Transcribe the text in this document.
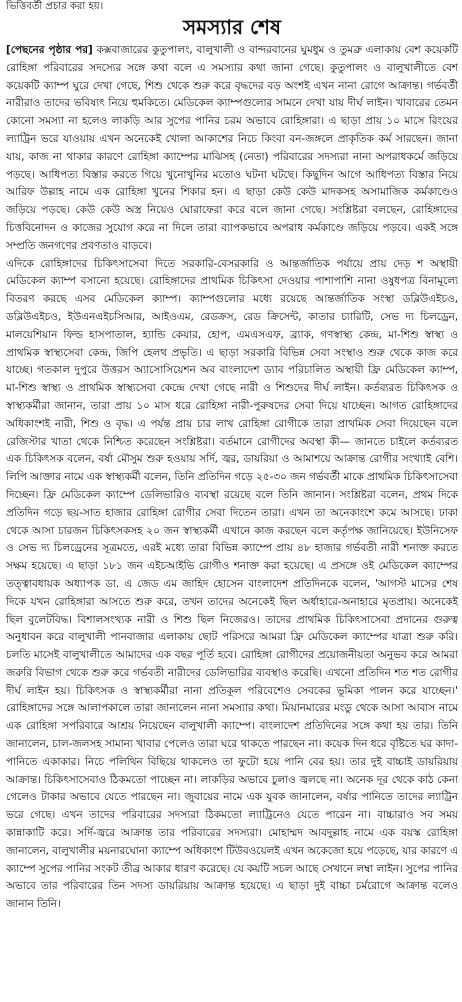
ভিত্তিবর্তী প্রচার করা হয়।
সমস্যার শেষ

[পেছনের পৃষ্ঠার পর] কক্সবাজারের কুতুপালং, বালুখালী ও বান্দরবানের ঘুমধুম ও তুমব্রু এলাকায় বেশ কয়েকটি রোহিঙ্গা পরিবারের সদস্যের সঙ্গে কথা বলে এ সমস্যার কথা জানা গেছে। কুতুপালং ও বালুখালীতে বেশ কয়েকটি ক্যাম্প ঘুরে দেখা গেছে, শিশু থেকে শুরু করে বৃদ্ধদের বড় অংশই এখন নানা রোগে আক্রান্ত। গর্ভবর্তী নারীরাও তাদের ভবিষ্যৎ নিয়ে হুমকিতে। মেডিকেল ক্যাম্পগুলোর সামনে দেখা যায় দীর্ঘ লাইন। খাবারের তেমন কোনো সমস্যা না হলেও লাকড়ি আর সুপের পানির চরম অভাবে রোহিঙ্গারা। এ ছাড়া প্রায় ১০ মাসে রিংয়ের ল্যাট্রিন ভরে যাওয়ায় এখন অনেকেই খোলা আকাশের নিচে কিংবা বন-জঙ্গলে প্রাকৃতিক কর্ম সারছেন। জানা যায়, কাজ না থাকার কারণে রোহিঙ্গা ক্যাম্পের মাঝিসহ (নেতা) পরিবারের সদস্যরা নানা অপরাধকর্মে জড়িয়ে পড়ছে। আধিপত্য বিস্তার করতে গিয়ে খুনোখুনির মতোও ঘটনা ঘটছে। কিছুদিন আগে আধিপত্য বিস্তার নিয়ে আরিফ উল্লাহ নামে এক রোহিঙ্গা খুনের শিকার হন। এ ছাড়া কেউ কেউ মাদকসহ অসামাজিক কর্মকাণ্ডেও জড়িয়ে পড়ছে। কেউ কেউ অস্ত্র নিয়েও ঘোরাফেরা করে বলে জানা গেছে। সংশ্লিষ্টরা বলছেন, রোহিঙ্গাদের চিত্তবিনোদন ও কাজের সুযোগ করে না দিলে তারা ব্যাপকভাবে অপরাধ কর্মকাণ্ডে জড়িয়ে পড়বে। একই সঙ্গে সম্প্রতি জনগণের প্রবণতাও বাড়বে।

এদিকে রোহিঙ্গাদের চিকিৎসাসেবা দিতে সরকারি-বেসরকারি ও আন্তর্জাতিক পর্যায়ে প্রায় দেড় শ অস্থায়ী মেডিকেল ক্যাম্প বসানো হয়েছে। রোহিঙ্গাদের প্রাথমিক চিকিৎসা দেওয়ার পাশাপাশি নানা ওষুধপত্র বিনামূল্যে বিতরণ করছে এসব মেডিকেল ক্যাম্প। ক্যাম্পগুলোর মধ্যে রয়েছে আন্তর্জাতিক সংস্থা ডব্লিউএইচও, ডব্লিউএইচও, ইউএনএইচসিআর, আইওএম, রেডক্রস, রেড ক্রিসেন্ট, কাতার চ্যারিটি, সেভ দ্য চিলড্রেন, মালয়েশিয়ান ফিল্ড হাসপাতাল, হ্যান্ডি কেয়ার, হোপ, এমএসএফ, ব্র্যাক, গণস্বাস্থ্য কেন্দ্র, মা-শিশু স্বাস্থ্য ও প্রাথমিক স্বাস্থ্যসেবা কেন্দ্র, জিপি হেলথ প্রভৃতি। এ ছাড়া সরকারি বিভিন্ন সেবা সংস্থাও শুরু থেকে কাজ করে যাচ্ছে। গতকাল দুপুরে উত্তরস অ্যাসোসিয়েশন অব বাংলাদেশ ড্যাব পরিচালিত অস্থায়ী ফ্রি মেডিকেল ক্যাম্প, মা-শিশু স্বাস্থ্য ও প্রাথমিক স্বাস্থ্যসেবা কেন্দ্রে দেখা গেছে নারী ও শিশুদের দীর্ঘ লাইন। কর্তব্যরত চিকিৎসক ও স্বাস্থ্যকর্মীরা জানান, তারা প্রায় ১০ মাস ধরে রোহিঙ্গা নারী-পুরুষদের সেবা দিয়ে যাচ্ছেন। আগত রোহিঙ্গাদের অধিকাংশই নারী, শিশু ও বৃদ্ধ। এ পর্যন্ত প্রায় চার লাখ রোহিঙ্গা রোগীকে তারা প্রাথমিক সেবা দিয়েছেন বলে রেজিস্টার খাতা থেকে নিশ্চিত করেছেন সংশ্লিষ্টরা। বর্তমানে রোগীদের অবস্থা কী— জানতে চাইলে কর্তব্যরত এক চিকিৎসক বলেন, বর্ষা মৌসুম শুরু হওয়ায় সর্দি, জ্বর, ডায়রিয়া ও আমাশয়ে আক্রান্ত রোগীর সংখ্যাই বেশি। লিপি আক্তার নামে এক স্বাস্থ্যকর্মী বলেন, তিনি প্রতিদিন গড়ে ২৫-৩০ জন গর্ভবর্তী মাকে প্রাথমিক চিকিৎসাসেবা দিচ্ছেন। ফ্রি মেডিকেল ক্যাম্পে ডেলিভারিও ব্যবস্থা রয়েছে বলে তিনি জানান। সংশ্লিষ্টরা বলেন, প্রথম দিকে প্রতিদিন গড়ে ছয়-সাত হাজার রোহিঙ্গা রোগীর সেবা দিতেন তারা। এখন তা অনেকাংশে কমে আসছে। ঢাকা থেকে আসা চারজন চিকিৎসকসহ ২০ জন স্বাস্থ্যকর্মী এখানে কাজ করছেন বলে কর্তৃপক্ষ জানিয়েছে। ইউনিসেফ ও সেভ দ্য চিলড্রেনের সূত্রমতে, এরই মধ্যে তারা বিভিন্ন ক্যাম্পে প্রায় ৪৮ হাজার গর্ভবতী নারী শনাক্ত করতে সক্ষম হয়েছে। এ ছাড়া ১৮১ জন এইচআইভি রোগীও শনাক্ত করা হয়েছে। এ প্রসঙ্গে ওই মেডিকেল ক্যাম্পের তত্ত্বাবধায়ক অধ্যাপক ডা. এ জেড এম জাহিদ হোসেন বাংলাদেশ প্রতিদিনকে বলেন, 'আগস্ট মাসের শেষ দিকে যখন রোহিঙ্গারা আসতে শুরু করে, তখন তাদের অনেকেই ছিল অর্ধাহারে-অনাহারে মৃতপ্রায়। অনেকেই ছিল বুলেটবিদ্ধ। বিশালসংখ্যক নারী ও শিশু ছিল নিজেরও। তাদের প্রাথমিক চিকিৎসাসেবা প্রদানের গুরুত্ব অনুধাবন করে বালুখালী পানবাজার এলাকায় ছোট পরিসরে আমরা ফ্রি মেডিকেল ক্যাম্পের যাত্রা শুরু করি। চলতি মাসেই বালুখালীতে আমাদের এক বছর পূর্তি হবে। রোহিঙ্গা রোগীদের প্রয়োজনীয়তা অনুভব করে আমরা জরুরি বিভাগ থেকে শুরু করে গর্ভবতী নারীদের ডেলিভারির ব্যবস্থাও করেছি। এখনো প্রতিদিন শত শত রোগীর দীর্ঘ লাইন হয়। চিকিৎসক ও স্বাস্থ্যকর্মীরা নানা প্রতিকূল পরিবেশেও সেবকের ভূমিকা পালন করে যাচ্ছেন।' রোহিঙ্গাদের সঙ্গে আলাপকালে তারা জানালেন নানা সমস্যার কথা। মিয়ানমারের মংডু থেকে আসা আবাস নামে এক রোহিঙ্গা সপরিবারে আশ্রয় নিয়েছেন বালুখালী ক্যাম্পে। বাংলাদেশ প্রতিদিনের সঙ্গে কথা হয় তার। তিনি জানালেন, চাল-জলসহ সামান্য খাবার পেলেও তারা ঘরে থাকতে পারছেন না। কয়েক দিন ধরে বৃষ্টিতে ঘর কাদা-পানিতে একাকার। নিচে পলিথিন বিছিয়ে থাকলেও তা ফুটো হয়ে পানি বের হয়। তার দুই বাচ্চাই ডায়রিয়ায় আক্রান্ত। চিকিৎসাসেবাও ঠিকমতো পাচ্ছেন না। লাকড়ির অভাবে চুলাও জ্বলছে না। অনেক দূর থেকে কাঠ কেনা গেলেও টাকার অভাবে যেতে পারছেন না। জুবায়ের নামে এক যুবক জানালেন, বর্ষার পানিতে তাদের ল্যাট্রিন ভরে গেছে। এখন তাদের পরিবারের সদস্যরা ঠিকমতো ল্যাট্রিনেও যেতে পারেন না। বাচ্চারাও সব সময় কান্নাকাটি করে। সর্দি-জ্বরে আক্রান্ত তার পরিবারের সদস্যরা। মোহাম্মদ আবদুল্লাহ নামে এক বয়স্ক রোহিঙ্গা জানালেন, বালুখালীর ময়নারঘোনা ক্যাম্পে অধিকাংশ টিউবওয়েলই এখন অকেজো হয়ে পড়েছে, যার কারণে এ ক্যাম্পে সুপের পানির সংকট তীব্র আকার ধারণ করেছে। যে কয়টি সচল আছে সেখানে লম্বা লাইন। সুপের পানির অভাবে তার পরিবারের তিন সদস্য ডায়রিয়ায় আক্রান্ত হয়েছে। এ ছাড়া দুই বাচ্চা চর্মরোগে আক্রান্ত বলেও জানান তিনি।
